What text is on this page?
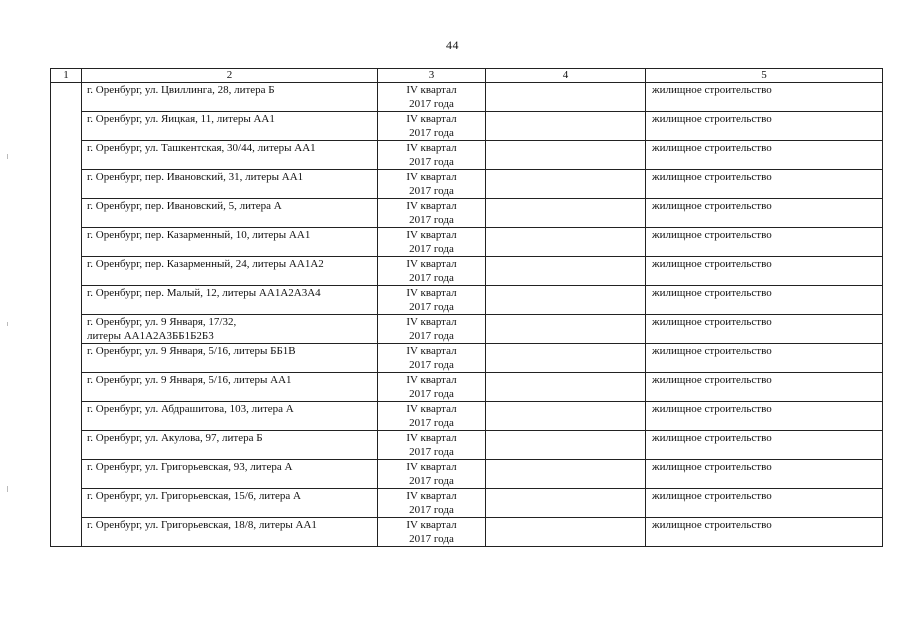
44
1	2	3	4	5
	г. Оренбург, ул. Цвиллинга, 28, литера Б	IV квартал
2017 года		жилищное строительство
	г. Оренбург, ул. Яицкая, 11, литеры АА1	IV квартал
2017 года		жилищное строительство
	г. Оренбург, ул. Ташкентская, 30/44, литеры АА1	IV квартал
2017 года		жилищное строительство
	г. Оренбург, пер. Ивановский, 31, литеры АА1	IV квартал
2017 года		жилищное строительство
	г. Оренбург, пер. Ивановский, 5, литера А	IV квартал
2017 года		жилищное строительство
	г. Оренбург, пер. Казарменный, 10, литеры АА1	IV квартал
2017 года		жилищное строительство
	г. Оренбург, пер. Казарменный, 24, литеры АА1А2	IV квартал
2017 года		жилищное строительство
	г. Оренбург, пер. Малый, 12, литеры АА1А2А3А4	IV квартал
2017 года		жилищное строительство
	г. Оренбург, ул. 9 Января, 17/32,
литеры АА1А2А3ББ1Б2Б3	IV квартал
2017 года		жилищное строительство
	г. Оренбург, ул. 9 Января, 5/16, литеры ББ1В	IV квартал
2017 года		жилищное строительство
	г. Оренбург, ул. 9 Января, 5/16, литеры АА1	IV квартал
2017 года		жилищное строительство
	г. Оренбург, ул. Абдрашитова, 103, литера А	IV квартал
2017 года		жилищное строительство
	г. Оренбург, ул. Акулова, 97, литера Б	IV квартал
2017 года		жилищное строительство
	г. Оренбург, ул. Григорьевская, 93, литера А	IV квартал
2017 года		жилищное строительство
	г. Оренбург, ул. Григорьевская, 15/6, литера А	IV квартал
2017 года		жилищное строительство
	г. Оренбург, ул. Григорьевская, 18/8, литеры АА1	IV квартал
2017 года		жилищное строительство
